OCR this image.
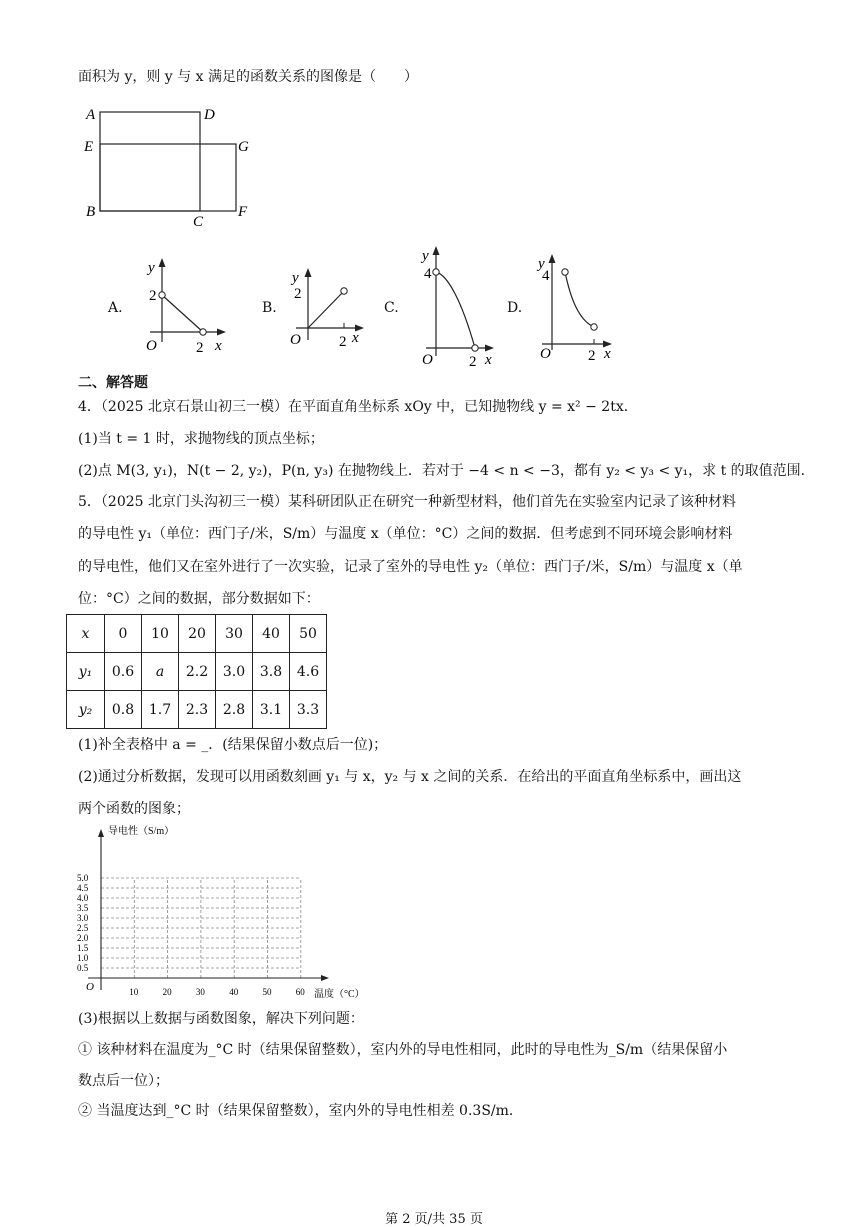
面积为 y，则 y 与 x 满足的函数关系的图像是（　　）
A	D
E	G
B
C
F
A.
y
x
O
2
2
B.
y
x
O
2
2
C.
y
x
O
4
2
D.
y
x
O
4
2
二、解答题
4．（2025 北京石景山初三一模）在平面直角坐标系 xOy 中，已知抛物线 y = x² − 2tx．
(1)当 t = 1 时，求抛物线的顶点坐标；
(2)点 M(3, y₁)，N(t − 2, y₂)，P(n, y₃) 在抛物线上．若对于 −4 < n < −3，都有 y₂ < y₃ < y₁，求 t 的取值范围．
5．（2025 北京门头沟初三一模）某科研团队正在研究一种新型材料，他们首先在实验室内记录了该种材料
的导电性 y₁（单位：西门子/米，S/m）与温度 x（单位：°C）之间的数据．但考虑到不同环境会影响材料
的导电性，他们又在室外进行了一次实验，记录了室外的导电性 y₂（单位：西门子/米，S/m）与温度 x（单
位：°C）之间的数据，部分数据如下：
x	0	10	20	30	40	50
y₁	0.6	a	2.2	3.0	3.8	4.6
y₂	0.8	1.7	2.3	2.8	3.1	3.3
(1)补全表格中 a = _．(结果保留小数点后一位)；
(2)通过分析数据，发现可以用函数刻画 y₁ 与 x，y₂ 与 x 之间的关系．在给出的平面直角坐标系中，画出这
两个函数的图象；
导电性（S/m）
温度（°C）
O
5.0
4.5
4.0
3.5
3.0
2.5
2.0
1.5
1.0
0.5
10	20	30	40	50	60
(3)根据以上数据与函数图象，解决下列问题：
① 该种材料在温度为_°C 时（结果保留整数），室内外的导电性相同，此时的导电性为_S/m（结果保留小
数点后一位）；
② 当温度达到_°C 时（结果保留整数），室内外的导电性相差 0.3S/m．
第 2 页/共 35 页
